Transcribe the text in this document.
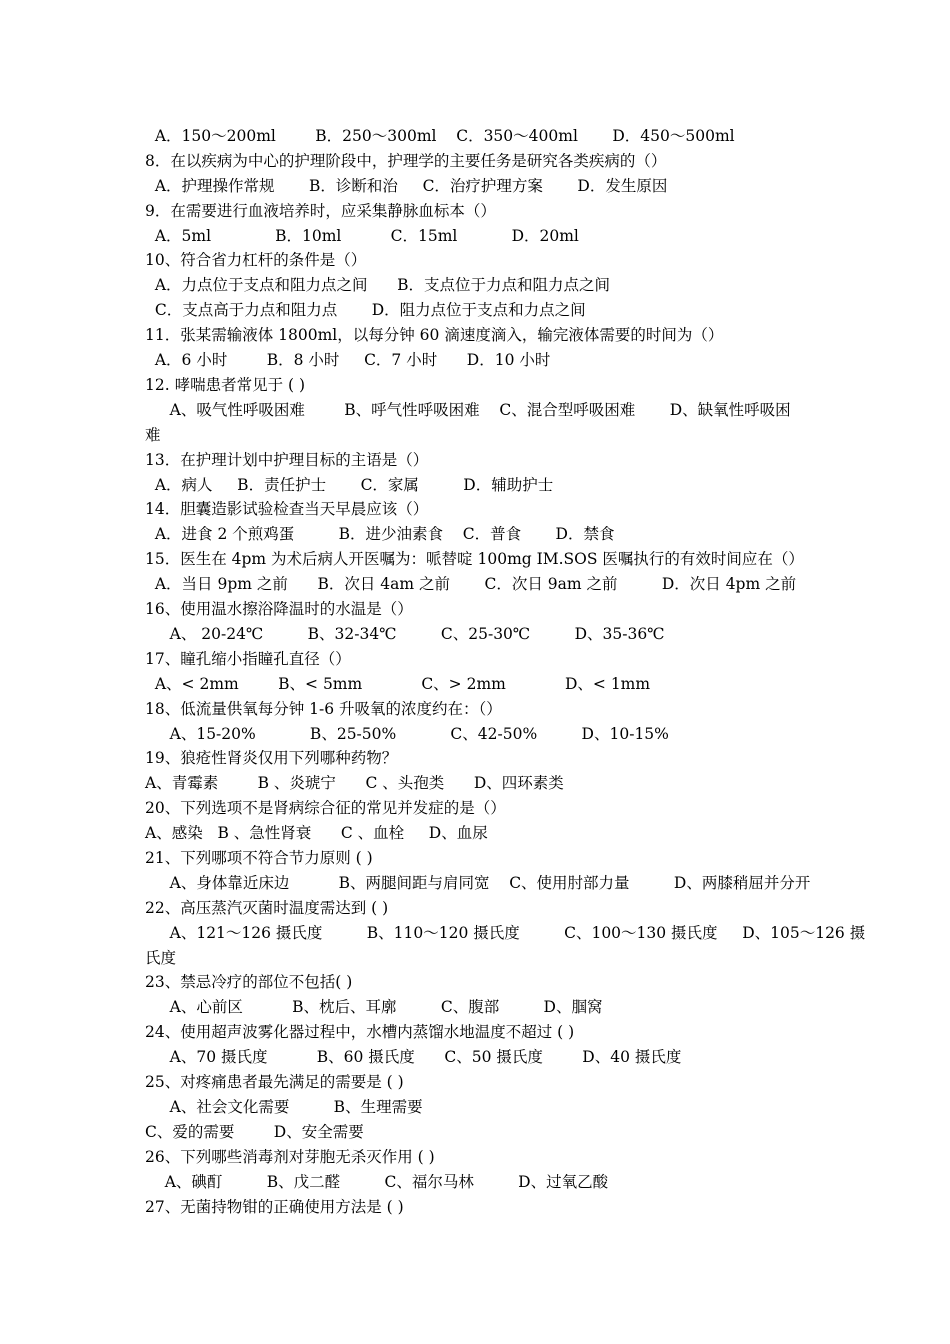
A．150～200ml        B．250～300ml    C．350～400ml       D．450～500ml
8．在以疾病为中心的护理阶段中，护理学的主要任务是研究各类疾病的（）
A．护理操作常规       B．诊断和治     C．治疗护理方案       D．发生原因
9．在需要进行血液培养时，应采集静脉血标本（）
A．5ml             B．10ml          C．15ml           D．20ml
10、符合省力杠杆的条件是（）
A．力点位于支点和阻力点之间      B．支点位于力点和阻力点之间
C．支点高于力点和阻力点       D．阻力点位于支点和力点之间
11．张某需输液体 1800ml，以每分钟 60 滴速度滴入，输完液体需要的时间为（）
A．6 小时        B．8 小时     C．7 小时      D．10 小时
12. 哮喘患者常见于 ( )
A、吸气性呼吸困难        B、呼气性呼吸困难    C、混合型呼吸困难       D、缺氧性呼吸困
难
13．在护理计划中护理目标的主语是（）
A．病人     B．责任护士       C．家属         D．辅助护士
14．胆囊造影试验检查当天早晨应该（）
A．进食 2 个煎鸡蛋         B．进少油素食    C．普食       D．禁食
15．医生在 4pm 为术后病人开医嘱为：哌替啶 100mg IM.SOS 医嘱执行的有效时间应在（）
A．当日 9pm 之前      B．次日 4am 之前       C．次日 9am 之前         D．次日 4pm 之前
16、使用温水擦浴降温时的水温是（）
A、 20-24℃         B、32-34℃         C、25-30℃         D、35-36℃
17、瞳孔缩小指瞳孔直径（）
A、< 2mm        B、< 5mm            C、> 2mm            D、< 1mm
18、低流量供氧每分钟 1-6 升吸氧的浓度约在：（）
A、15-20%           B、25-50%           C、42-50%         D、10-15%
19、狼疮性肾炎仅用下列哪种药物？
A、青霉素        B 、炎琥宁      C 、头孢类      D、四环素类
20、下列选项不是肾病综合征的常见并发症的是（）
A、感染   B 、急性肾衰      C 、血栓     D、血尿
21、下列哪项不符合节力原则 ( )
A、身体靠近床边          B、两腿间距与肩同宽    C、使用肘部力量         D、两膝稍屈并分开
22、高压蒸汽灭菌时温度需达到 ( )
A、121～126 摄氏度         B、110～120 摄氏度         C、100～130 摄氏度     D、105～126 摄
氏度
23、禁忌冷疗的部位不包括( )
A、心前区          B、枕后、耳廓         C、腹部         D、腘窝
24、使用超声波雾化器过程中，水槽内蒸馏水地温度不超过 ( )
A、70 摄氏度          B、60 摄氏度      C、50 摄氏度        D、40 摄氏度
25、对疼痛患者最先满足的需要是 ( )
A、社会文化需要         B、生理需要
C、爱的需要        D、安全需要
26、下列哪些消毒剂对芽胞无杀灭作用 ( )
A、碘酊         B、戊二醛         C、福尔马林         D、过氧乙酸
27、无菌持物钳的正确使用方法是 ( )
